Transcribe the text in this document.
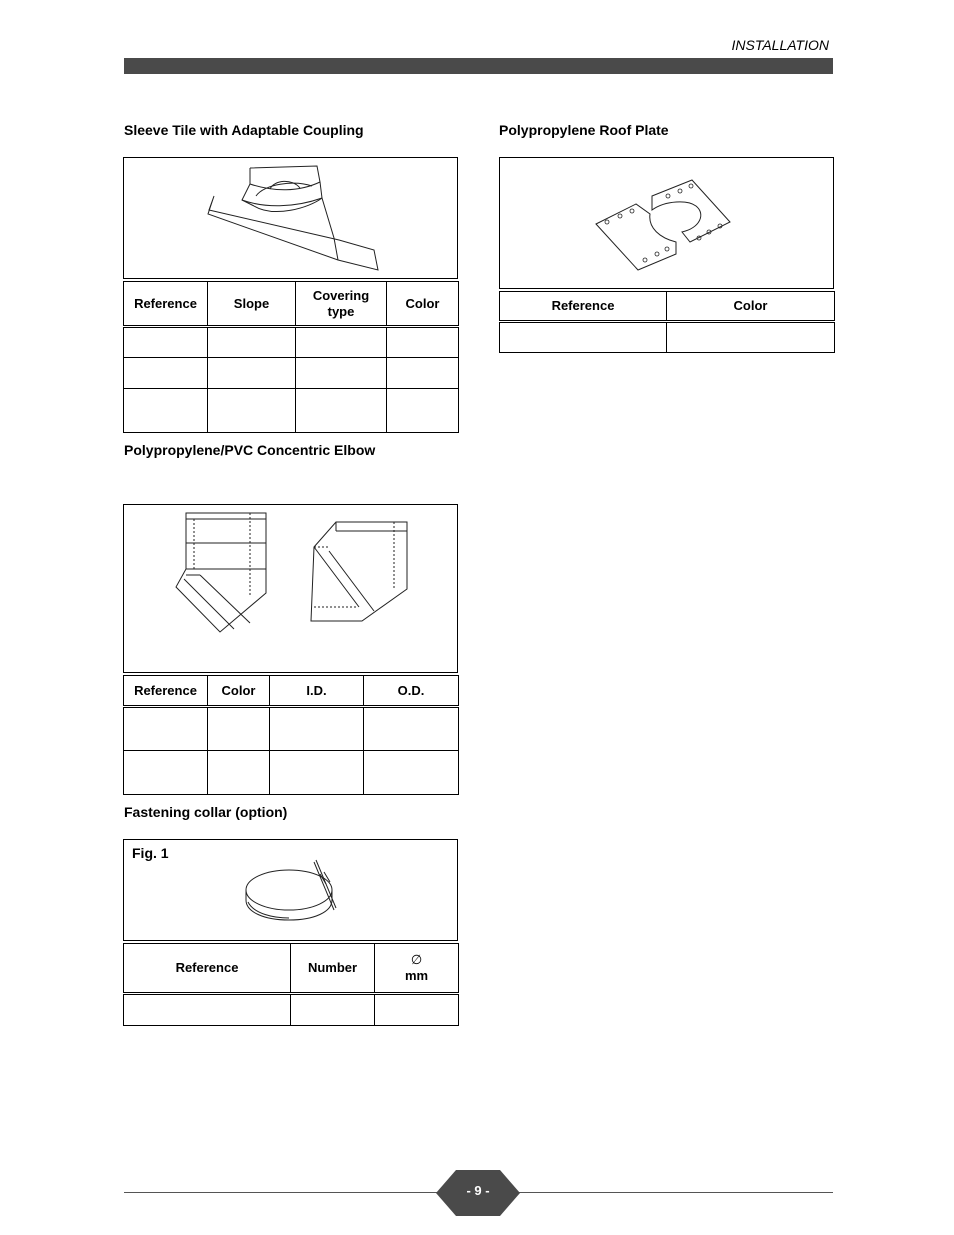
INSTALLATION
Sleeve Tile with Adaptable Coupling
Reference	Slope	Covering type	Color

Polypropylene Roof Plate
Reference	Color

Polypropylene/PVC Concentric Elbow
Reference	Color	I.D.	O.D.

Fastening collar (option)
Fig. 1
Reference	Number	∅
mm

- 9 -
